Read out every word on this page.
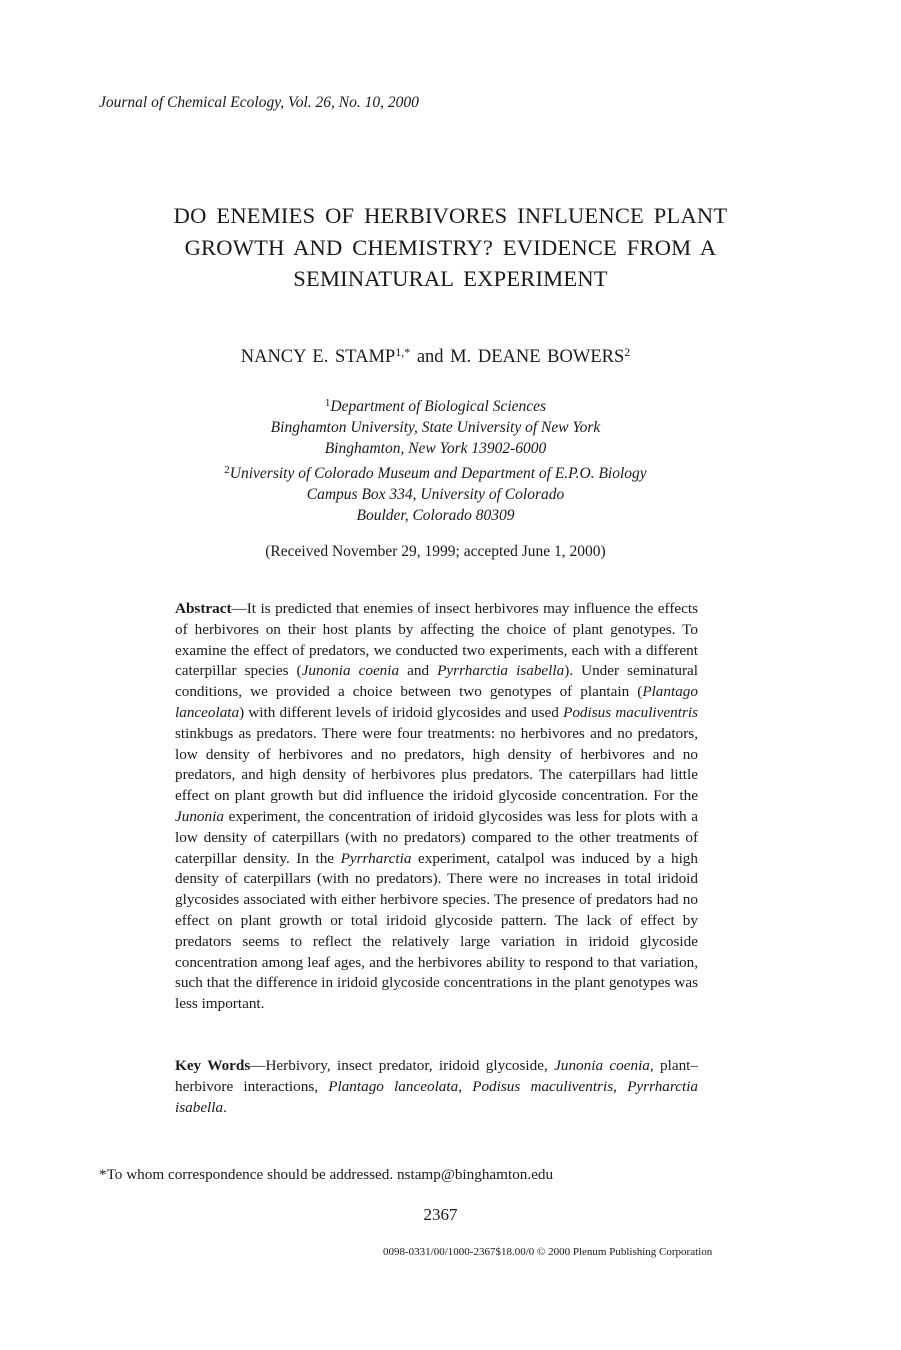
Journal of Chemical Ecology, Vol. 26, No. 10, 2000
DO ENEMIES OF HERBIVORES INFLUENCE PLANT
GROWTH AND CHEMISTRY? EVIDENCE FROM A
SEMINATURAL EXPERIMENT
NANCY E. $STAMP^{1,*}$ and M. DEANE BOWERS$^2$
$^1$Department of Biological Sciences
Binghamton University, State University of New York
Binghamton, New York 13902-6000
$^2$University of Colorado Museum and Department of E.P.O. Biology
Campus Box 334, University of Colorado
Boulder, Colorado 80309
(Received November 29, 1999; accepted June 1, 2000)
Abstract—It is predicted that enemies of insect herbivores may influence the effects of herbivores on their host plants by affecting the choice of plant genotypes. To examine the effect of predators, we conducted two experiments, each with a different caterpillar species (Junonia coenia and Pyrrharctia isabella). Under seminatural conditions, we provided a choice between two genotypes of plantain (Plantago lanceolata) with different levels of iridoid glycosides and used Podisus maculiventris stinkbugs as predators. There were four treatments: no herbivores and no predators, low density of herbivores and no predators, high density of herbivores and no predators, and high density of herbivores plus predators. The caterpillars had little effect on plant growth but did influence the iridoid glycoside concentration. For the Junonia experiment, the concentration of iridoid glycosides was less for plots with a low density of caterpillars (with no predators) compared to the other treatments of caterpillar density. In the Pyrrharctia experiment, catalpol was induced by a high density of caterpillars (with no predators). There were no increases in total iridoid glycosides associated with either herbivore species. The presence of predators had no effect on plant growth or total iridoid glycoside pattern. The lack of effect by predators seems to reflect the relatively large variation in iridoid glycoside concentration among leaf ages, and the herbivores ability to respond to that variation, such that the difference in iridoid glycoside concentrations in the plant genotypes was less important.
Key Words—Herbivory, insect predator, iridoid glycoside, Junonia coenia, plant–herbivore interactions, Plantago lanceolata, Podisus maculiventris, Pyrrharctia isabella.
*To whom correspondence should be addressed. nstamp@binghamton.edu
2367
0098-0331/00/1000-2367$18.00/0 © 2000 Plenum Publishing Corporation
